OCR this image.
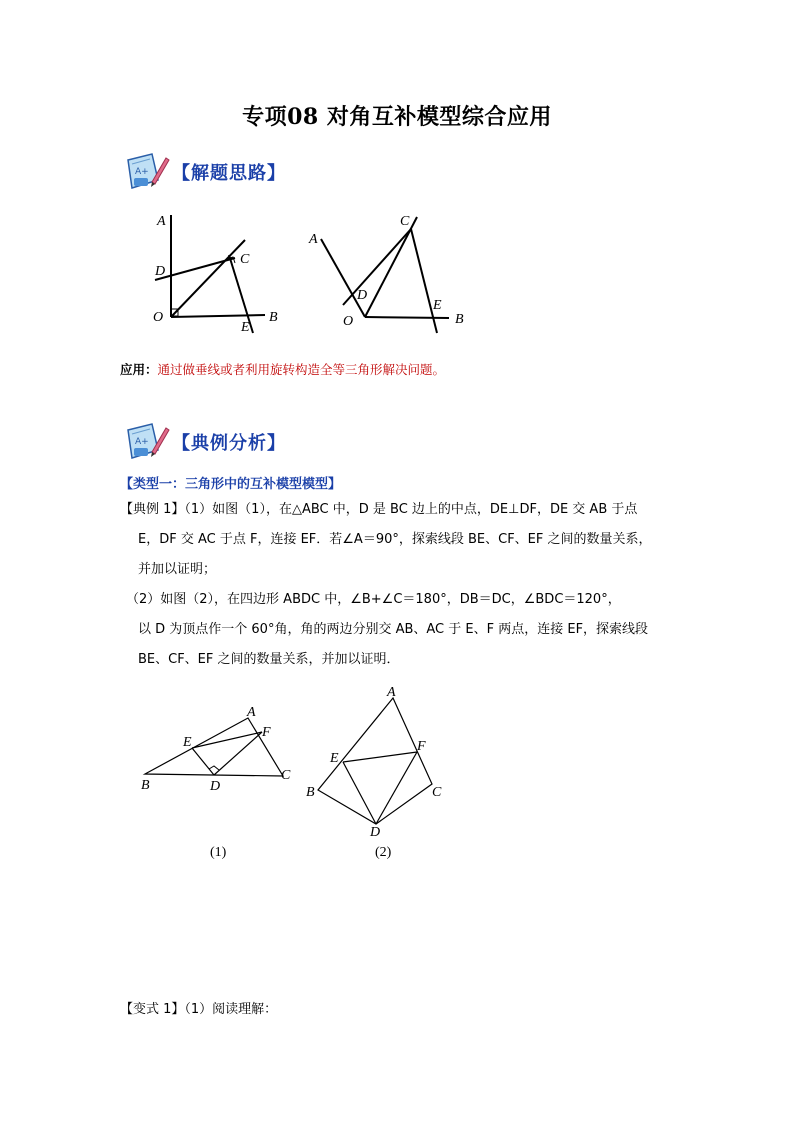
专项08 对角互补模型综合应用
A+ 【解题思路】
A
D
C
O
E
B
A
C
D
O
E
B
应用：通过做垂线或者利用旋转构造全等三角形解决问题。
A+ 【典例分析】
【类型一：三角形中的互补模型模型】

【典例 1】（1）如图（1），在△ABC 中，D 是 BC 边上的中点，DE⊥DF，DE 交 AB 于点

E，DF 交 AC 于点 F，连接 EF．若∠A＝90°，探索线段 BE、CF、EF 之间的数量关系，

并加以证明；

（2）如图（2），在四边形 ABDC 中，∠B+∠C＝180°，DB＝DC，∠BDC＝120°，

以 D 为顶点作一个 60°角，角的两边分别交 AB、AC 于 E、F 两点，连接 EF，探索线段

BE、CF、EF 之间的数量关系，并加以证明．

A
E
F
B	D
C
A
E
F
B	C
D
(1)	(2)
【变式 1】（1）阅读理解：
